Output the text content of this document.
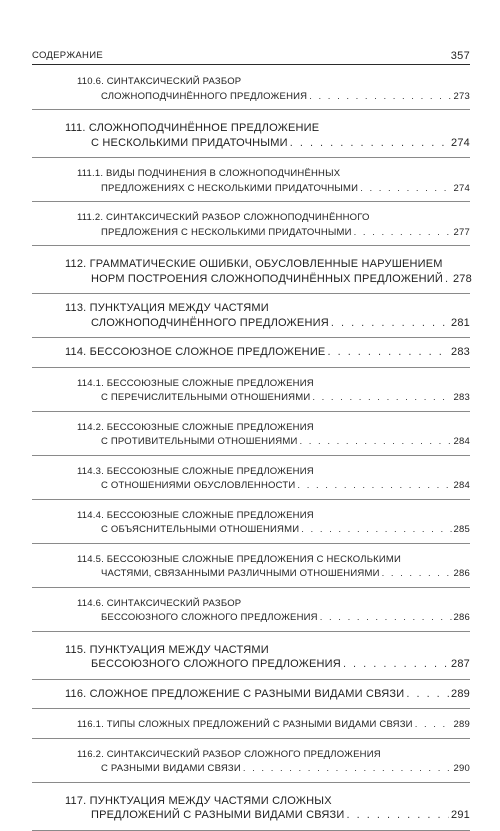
СОДЕРЖАНИЕ	357
110.6. СИНТАКСИЧЕСКИЙ РАЗБОР
СЛОЖНОПОДЧИНЁННОГО ПРЕДЛОЖЕНИЯ . . .	273
111. СЛОЖНОПОДЧИНЁННОЕ ПРЕДЛОЖЕНИЕ
С НЕСКОЛЬКИМИ ПРИДАТОЧНЫМИ . . .	274
111.1. ВИДЫ ПОДЧИНЕНИЯ В СЛОЖНОПОДЧИНЁННЫХ
ПРЕДЛОЖЕНИЯХ С НЕСКОЛЬКИМИ ПРИДАТОЧНЫМИ . . .	274
111.2. СИНТАКСИЧЕСКИЙ РАЗБОР СЛОЖНОПОДЧИНЁННОГО
ПРЕДЛОЖЕНИЯ С НЕСКОЛЬКИМИ ПРИДАТОЧНЫМИ . . .	277
112. ГРАММАТИЧЕСКИЕ ОШИБКИ, ОБУСЛОВЛЕННЫЕ НАРУШЕНИЕМ
НОРМ ПОСТРОЕНИЯ СЛОЖНОПОДЧИНЁННЫХ ПРЕДЛОЖЕНИЙ . . . 278
113. ПУНКТУАЦИЯ МЕЖДУ ЧАСТЯМИ
СЛОЖНОПОДЧИНЁННОГО ПРЕДЛОЖЕНИЯ . . .	281
114. БЕССОЮЗНОЕ СЛОЖНОЕ ПРЕДЛОЖЕНИЕ . . .	283
114.1. БЕССОЮЗНЫЕ СЛОЖНЫЕ ПРЕДЛОЖЕНИЯ
С ПЕРЕЧИСЛИТЕЛЬНЫМИ ОТНОШЕНИЯМИ . . .	283
114.2. БЕССОЮЗНЫЕ СЛОЖНЫЕ ПРЕДЛОЖЕНИЯ
С ПРОТИВИТЕЛЬНЫМИ ОТНОШЕНИЯМИ . . .	284
114.3. БЕССОЮЗНЫЕ СЛОЖНЫЕ ПРЕДЛОЖЕНИЯ
С ОТНОШЕНИЯМИ ОБУСЛОВЛЕННОСТИ . . .	284
114.4. БЕССОЮЗНЫЕ СЛОЖНЫЕ ПРЕДЛОЖЕНИЯ
С ОБЪЯСНИТЕЛЬНЫМИ ОТНОШЕНИЯМИ . . .	285
114.5. БЕССОЮЗНЫЕ СЛОЖНЫЕ ПРЕДЛОЖЕНИЯ С НЕСКОЛЬКИМИ
ЧАСТЯМИ, СВЯЗАННЫМИ РАЗЛИЧНЫМИ ОТНОШЕНИЯМИ . . .	286
114.6. СИНТАКСИЧЕСКИЙ РАЗБОР
БЕССОЮЗНОГО СЛОЖНОГО ПРЕДЛОЖЕНИЯ . . .	286
115. ПУНКТУАЦИЯ МЕЖДУ ЧАСТЯМИ
БЕССОЮЗНОГО СЛОЖНОГО ПРЕДЛОЖЕНИЯ . . .	287
116. СЛОЖНОЕ ПРЕДЛОЖЕНИЕ С РАЗНЫМИ ВИДАМИ СВЯЗИ . . .	289
116.1. ТИПЫ СЛОЖНЫХ ПРЕДЛОЖЕНИЙ С РАЗНЫМИ ВИДАМИ СВЯЗИ . . .	289
116.2. СИНТАКСИЧЕСКИЙ РАЗБОР СЛОЖНОГО ПРЕДЛОЖЕНИЯ
С РАЗНЫМИ ВИДАМИ СВЯЗИ . . .	290
117. ПУНКТУАЦИЯ МЕЖДУ ЧАСТЯМИ СЛОЖНЫХ
ПРЕДЛОЖЕНИЙ С РАЗНЫМИ ВИДАМИ СВЯЗИ . . .	291
